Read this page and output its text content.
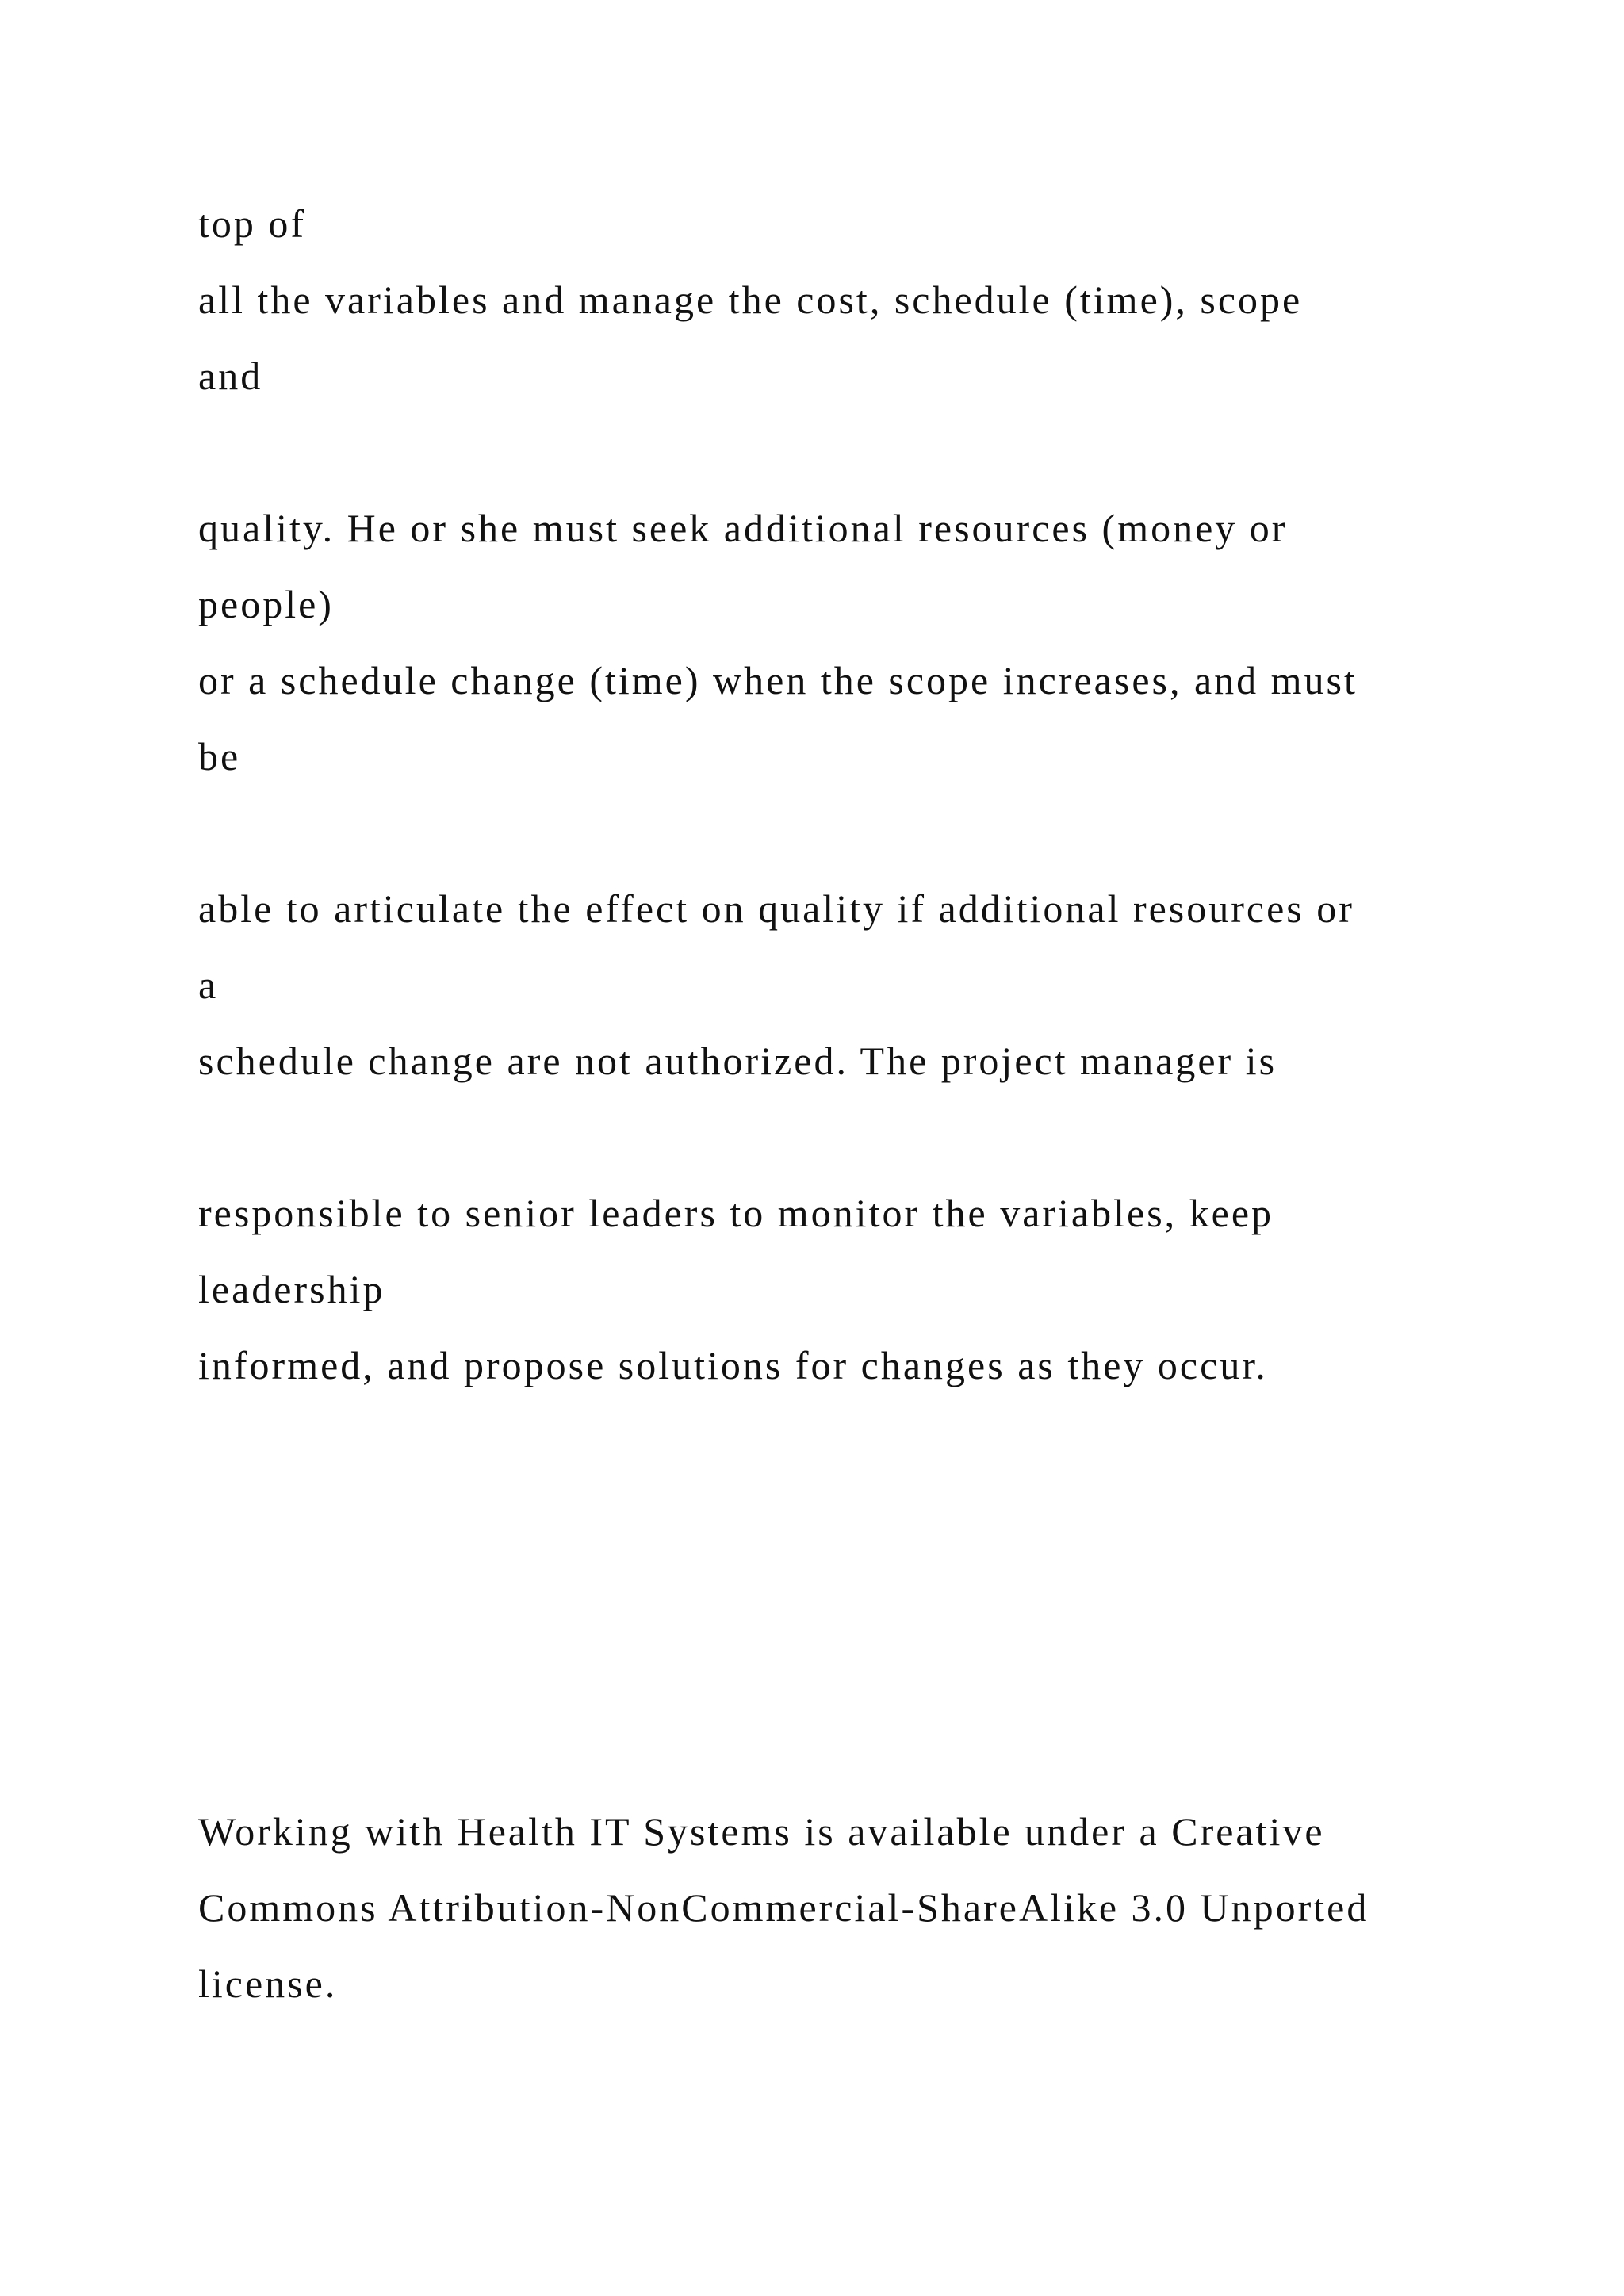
top of
all the variables and manage the cost, schedule (time), scope
and
quality. He or she must seek additional resources (money or
people)
or a schedule change (time) when the scope increases, and must
be
able to articulate the effect on quality if additional resources or
a
schedule change are not authorized. The project manager is
responsible to senior leaders to monitor the variables, keep
leadership
informed, and propose solutions for changes as they occur.
Working with Health IT Systems is available under a Creative
Commons Attribution-NonCommercial-ShareAlike 3.0 Unported
license.
